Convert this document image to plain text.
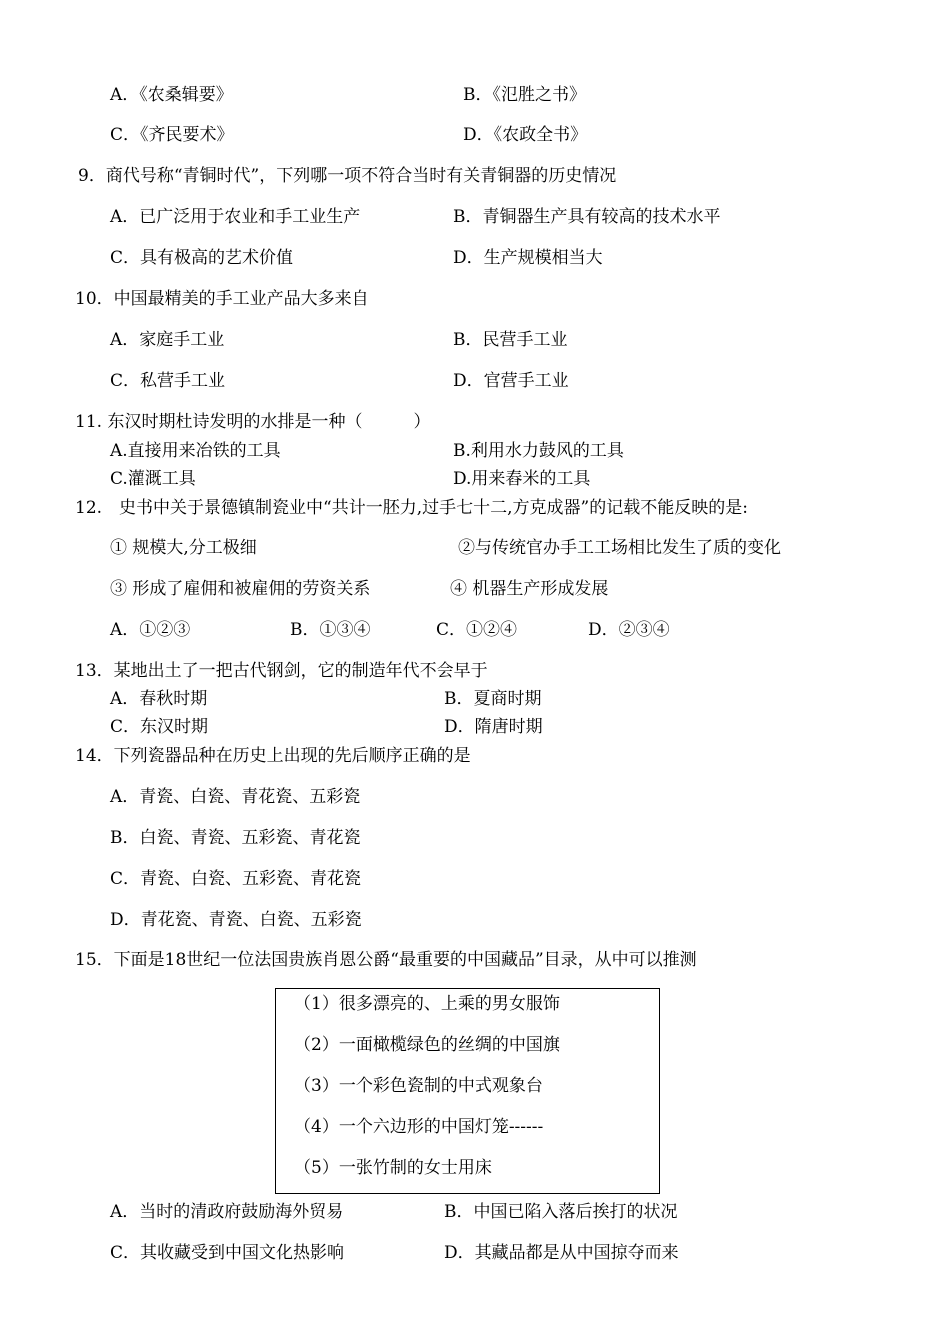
A．《农桑辑要》	B．《氾胜之书》
C．《齐民要术》	D．《农政全书》
9．商代号称“青铜时代”，下列哪一项不符合当时有关青铜器的历史情况
A．已广泛用于农业和手工业生产	B．青铜器生产具有较高的技术水平
C．具有极高的艺术价值	D．生产规模相当大
10．中国最精美的手工业产品大多来自
A．家庭手工业	B．民营手工业
C．私营手工业	D．官营手工业
11. 东汉时期杜诗发明的水排是一种（　　　）
A.直接用来冶铁的工具	B.利用水力鼓风的工具
C.灌溉工具	D.用来舂米的工具
12.　史书中关于景德镇制瓷业中“共计一胚力,过手七十二,方克成器”的记载不能反映的是:
① 规模大,分工极细	②与传统官办手工工场相比发生了质的变化
③ 形成了雇佣和被雇佣的劳资关系	④ 机器生产形成发展
A．①②③	B．①③④	C．①②④	D．②③④
13．某地出土了一把古代钢剑，它的制造年代不会早于
A．春秋时期	B．夏商时期
C．东汉时期	D．隋唐时期
14．下列瓷器品种在历史上出现的先后顺序正确的是
A．青瓷、白瓷、青花瓷、五彩瓷
B．白瓷、青瓷、五彩瓷、青花瓷
C．青瓷、白瓷、五彩瓷、青花瓷
D．青花瓷、青瓷、白瓷、五彩瓷
15．下面是18世纪一位法国贵族肖恩公爵“最重要的中国藏品”目录，从中可以推测
（1）很多漂亮的、上乘的男女服饰
（2）一面橄榄绿色的丝绸的中国旗
（3）一个彩色瓷制的中式观象台
（4）一个六边形的中国灯笼------
（5）一张竹制的女士用床
A．当时的清政府鼓励海外贸易	B．中国已陷入落后挨打的状况
C．其收藏受到中国文化热影响	D．其藏品都是从中国掠夺而来
